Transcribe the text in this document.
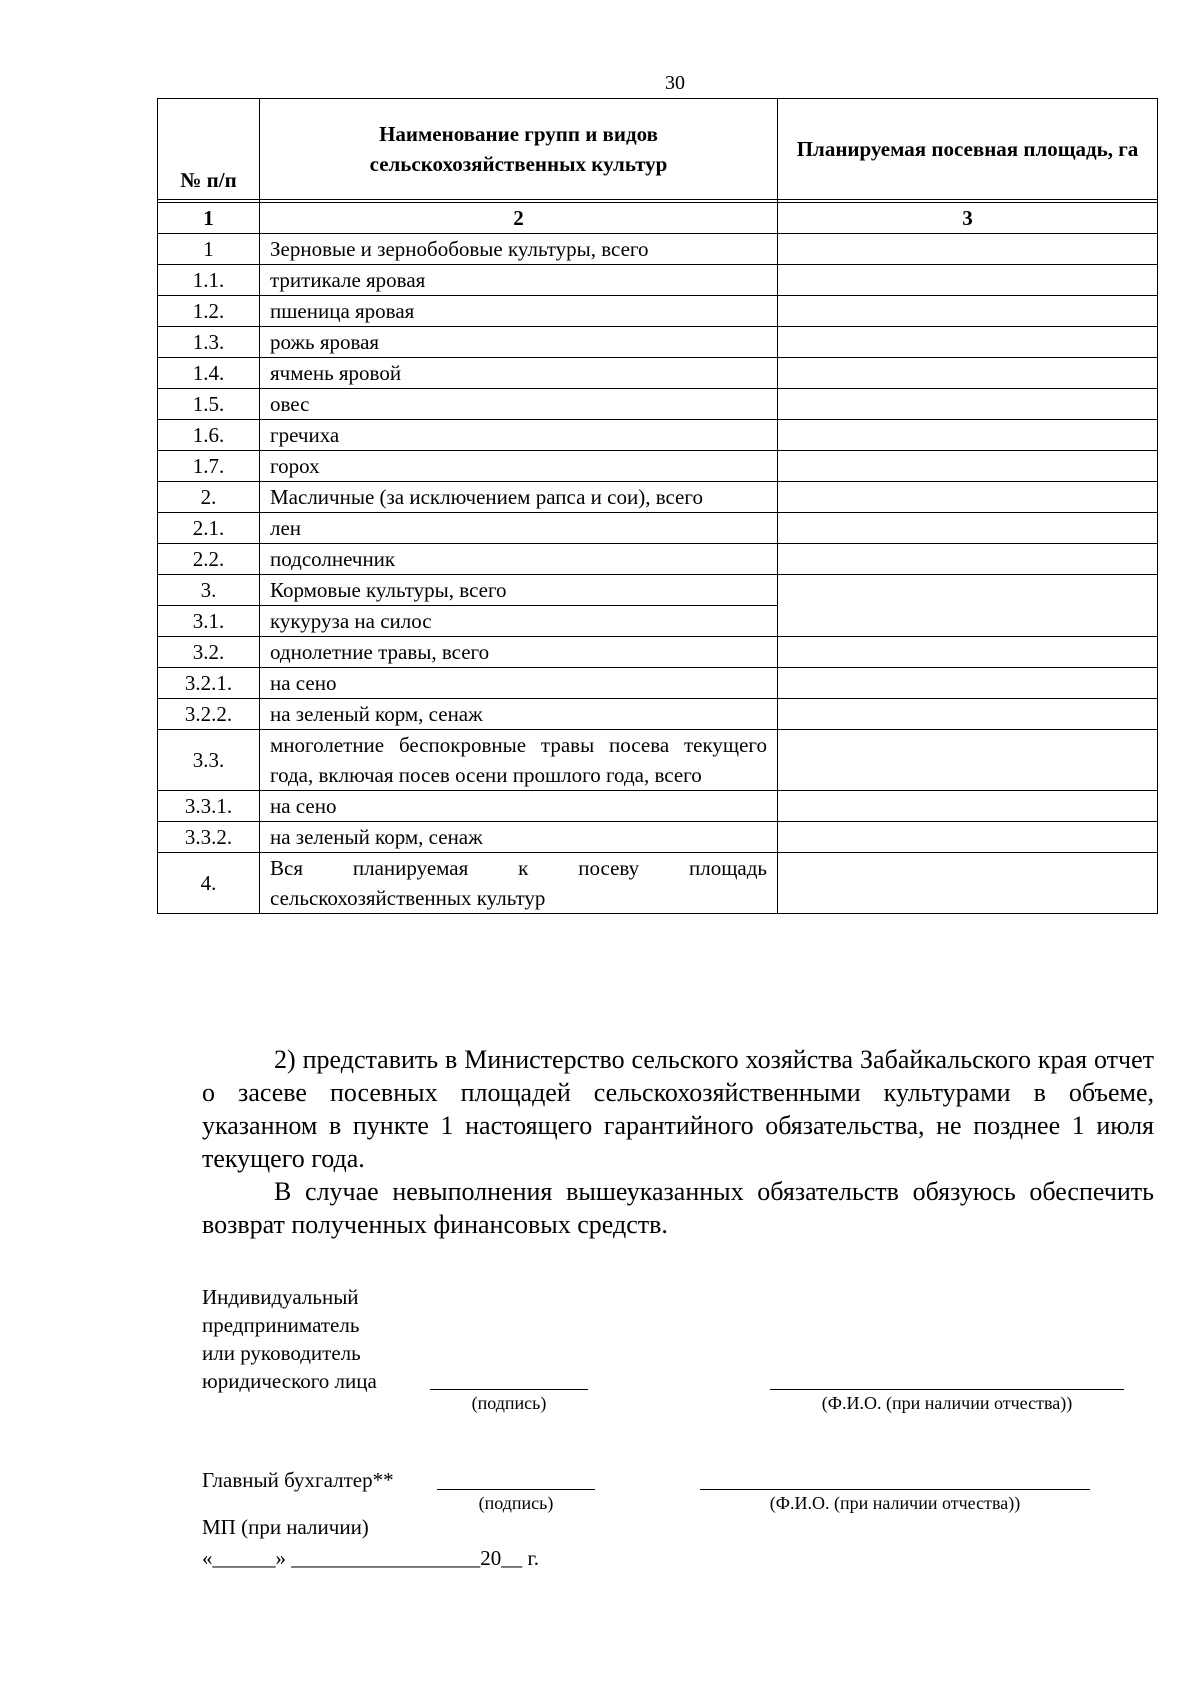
30
№ п/п	Наименование групп и видов сельскохозяйственных культур	Планируемая посевная площадь, га

1	2	3
1	Зерновые и зернобобовые культуры, всего	
1.1.	тритикале яровая	
1.2.	пшеница яровая	
1.3.	рожь яровая	
1.4.	ячмень яровой	
1.5.	овес	
1.6.	гречиха	
1.7.	горох	
2.	Масличные (за исключением рапса и сои), всего	
2.1.	лен	
2.2.	подсолнечник	
3.	Кормовые культуры, всего	
3.1.	кукуруза на силос	
3.2.	однолетние травы, всего	
3.2.1.	на сено	
3.2.2.	на зеленый корм, сенаж	
3.3.	многолетние беспокровные травы посева текущего года, включая посев осени прошлого года, всего	
3.3.1.	на сено	
3.3.2.	на зеленый корм, сенаж	
4.	Вся планируемая к посеву площадь сельскохозяйственных культур	

2) представить в Министерство сельского хозяйства Забайкальского края отчет о засеве посевных площадей сельскохозяйственными культурами в объеме, указанном в пункте 1 настоящего гарантийного обязательства, не позднее 1 июля текущего года.

В случае невыполнения вышеуказанных обязательств обязуюсь обеспечить возврат полученных финансовых средств.

Индивидуальный
предприниматель
или руководитель
юридического лица
(подпись)	(Ф.И.О. (при наличии отчества))
Главный бухгалтер**
(подпись)	(Ф.И.О. (при наличии отчества))
МП (при наличии)
«______» __________________20__ г.
